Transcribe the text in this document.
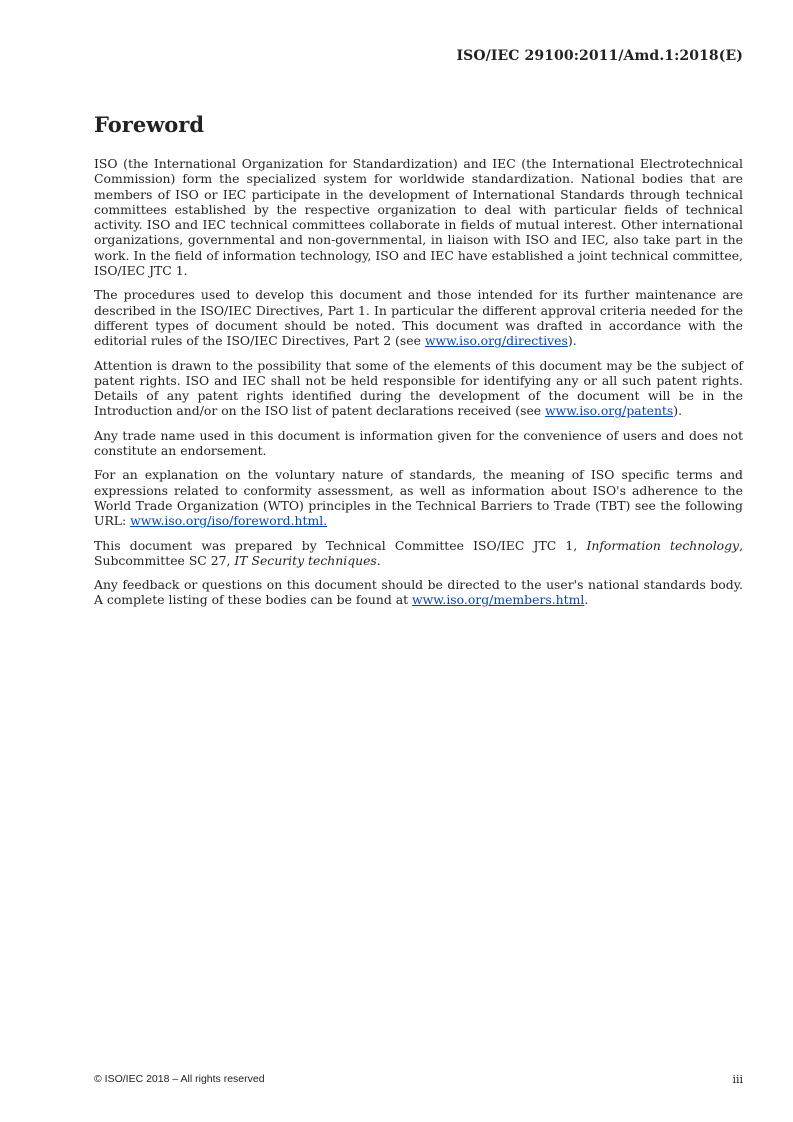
ISO/IEC 29100:2011/Amd.1:2018(E)
Foreword

ISO (the International Organization for Standardization) and IEC (the International Electrotechnical Commission) form the specialized system for worldwide standardization. National bodies that are members of ISO or IEC participate in the development of International Standards through technical committees established by the respective organization to deal with particular fields of technical activity. ISO and IEC technical committees collaborate in fields of mutual interest. Other international organizations, governmental and non-governmental, in liaison with ISO and IEC, also take part in the work. In the field of information technology, ISO and IEC have established a joint technical committee, ISO/IEC JTC 1.

The procedures used to develop this document and those intended for its further maintenance are described in the ISO/IEC Directives, Part 1. In particular the different approval criteria needed for the different types of document should be noted. This document was drafted in accordance with the editorial rules of the ISO/IEC Directives, Part 2 (see www.iso.org/directives).

Attention is drawn to the possibility that some of the elements of this document may be the subject of patent rights. ISO and IEC shall not be held responsible for identifying any or all such patent rights. Details of any patent rights identified during the development of the document will be in the Introduction and/or on the ISO list of patent declarations received (see www.iso.org/patents).

Any trade name used in this document is information given for the convenience of users and does not constitute an endorsement.

For an explanation on the voluntary nature of standards, the meaning of ISO specific terms and expressions related to conformity assessment, as well as information about ISO's adherence to the World Trade Organization (WTO) principles in the Technical Barriers to Trade (TBT) see the following URL: www.iso.org/iso/foreword.html.

This document was prepared by Technical Committee ISO/IEC JTC 1, Information technology, Subcommittee SC 27, IT Security techniques.

Any feedback or questions on this document should be directed to the user's national standards body. A complete listing of these bodies can be found at www.iso.org/members.html.

© ISO/IEC 2018 – All rights reserved	iii
